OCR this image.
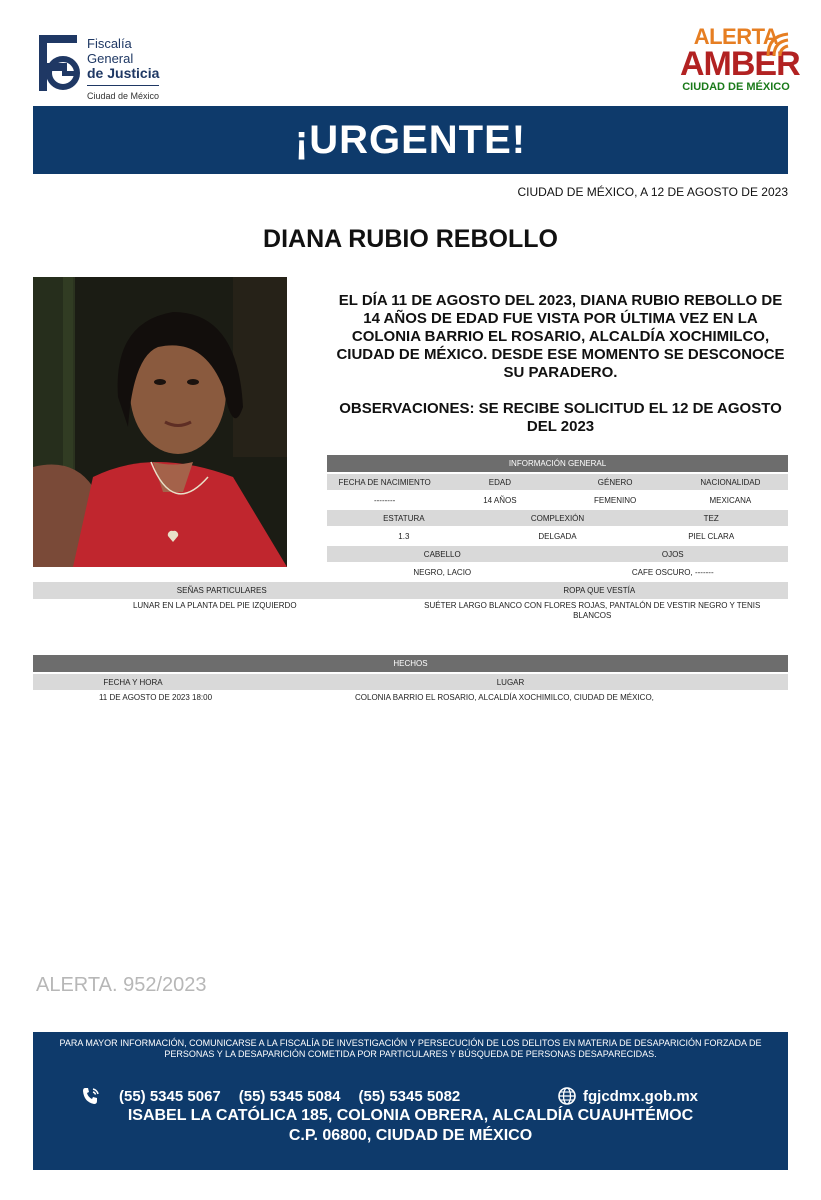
Fiscalía
General
de Justicia
Ciudad de México
ALERTA
AMBER
CIUDAD DE MÉXICO
¡URGENTE!
CIUDAD DE MÉXICO, A 12 DE AGOSTO DE 2023
DIANA RUBIO REBOLLO
EL DÍA 11 DE AGOSTO DEL 2023, DIANA RUBIO REBOLLO DE 14 AÑOS DE EDAD FUE VISTA POR ÚLTIMA VEZ EN LA COLONIA BARRIO EL ROSARIO, ALCALDÍA XOCHIMILCO, CIUDAD DE MÉXICO. DESDE ESE MOMENTO SE DESCONOCE SU PARADERO.
OBSERVACIONES: SE RECIBE SOLICITUD EL 12 DE AGOSTO DEL 2023
INFORMACIÓN GENERAL
FECHA DE NACIMIENTO	EDAD	GÉNERO	NACIONALIDAD
--------	14 AÑOS	FEMENINO	MEXICANA
ESTATURA	COMPLEXIÓN	TEZ
1.3	DELGADA	PIEL CLARA
CABELLO	OJOS
NEGRO, LACIO	CAFE OSCURO, -------
SEÑAS PARTICULARES	ROPA QUE VESTÍA
LUNAR EN LA PLANTA DEL PIE IZQUIERDO	SUÉTER LARGO BLANCO CON FLORES ROJAS, PANTALÓN DE VESTIR NEGRO Y TENIS BLANCOS
HECHOS
FECHA Y HORA	LUGAR
11 DE AGOSTO DE 2023 18:00	COLONIA BARRIO EL ROSARIO, ALCALDÍA XOCHIMILCO, CIUDAD DE MÉXICO,
ALERTA. 952/2023
PARA MAYOR INFORMACIÓN, COMUNICARSE A LA FISCALÍA DE INVESTIGACIÓN Y PERSECUCIÓN DE LOS DELITOS EN MATERIA DE DESAPARICIÓN FORZADA DE PERSONAS Y LA DESAPARICIÓN COMETIDA POR PARTICULARES Y BÚSQUEDA DE PERSONAS DESAPARECIDAS.
(55) 5345 5067 (55) 5345 5084 (55) 5345 5082	fgjcdmx.gob.mx
ISABEL LA CATÓLICA 185, COLONIA OBRERA, ALCALDÍA CUAUHTÉMOC
C.P. 06800, CIUDAD DE MÉXICO
